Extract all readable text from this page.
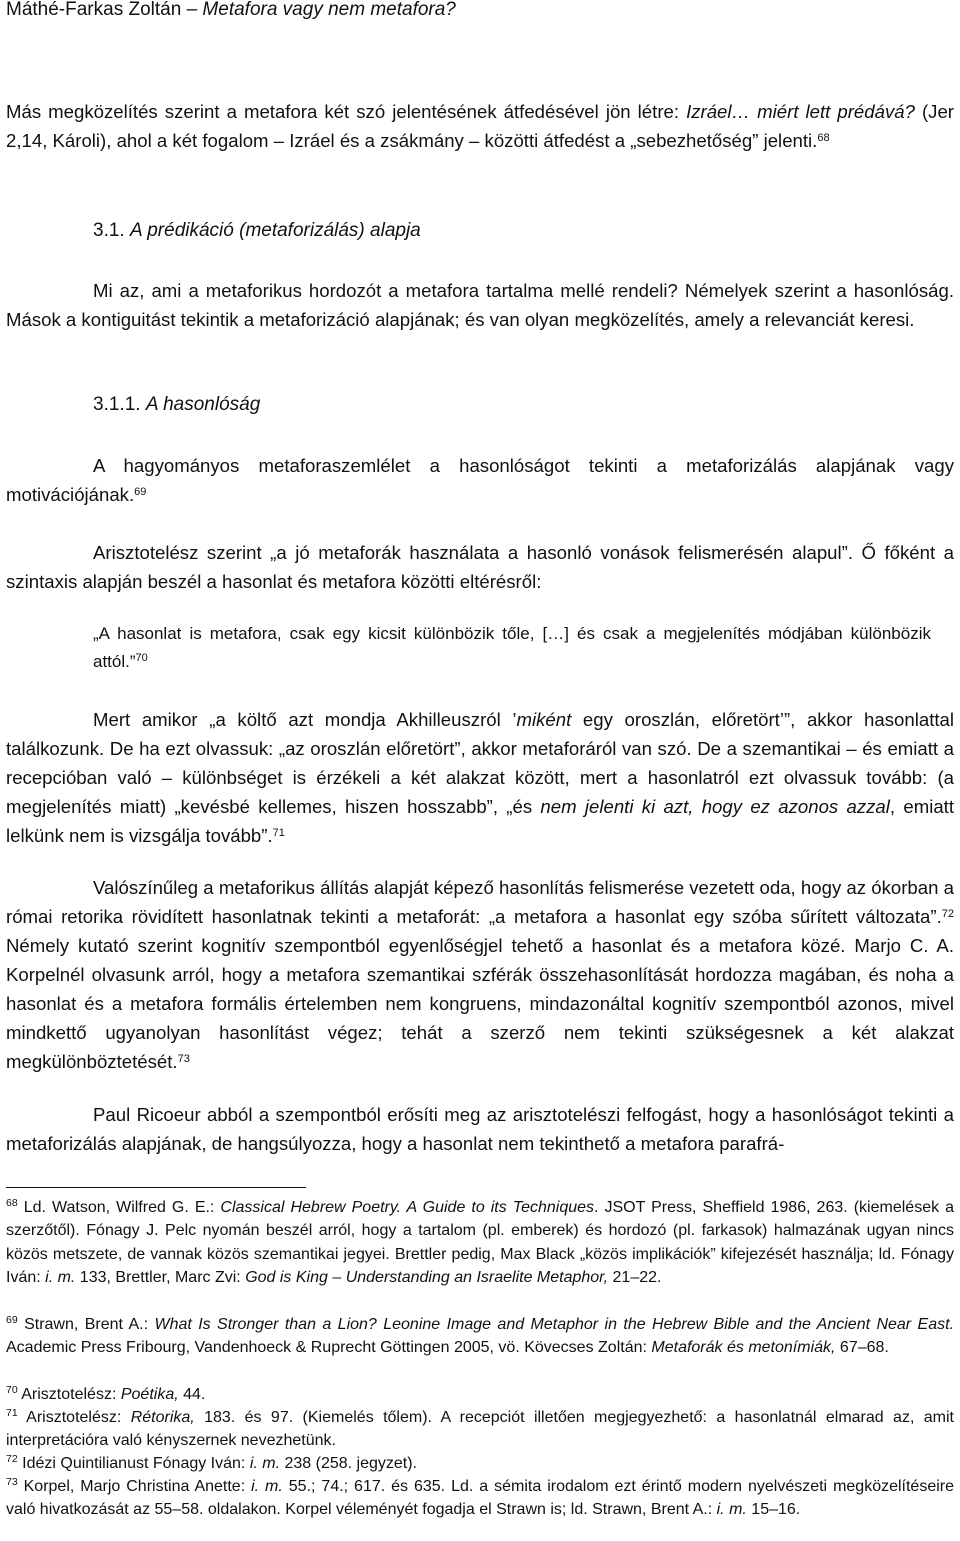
Máthé-Farkas Zoltán – Metafora vagy nem metafora?

Más megközelítés szerint a metafora két szó jelentésének átfedésével jön létre: Izráel… miért lett prédává? (Jer 2,14, Károli), ahol a két fogalom – Izráel és a zsákmány – közötti átfedést a „sebezhetőség” jelenti.$^{68}$

3.1. A prédikáció (metaforizálás) alapja

Mi az, ami a metaforikus hordozót a metafora tartalma mellé rendeli? Némelyek szerint a hasonlóság. Mások a kontiguitást tekintik a metaforizáció alapjának; és van olyan megközelítés, amely a relevanciát keresi.

3.1.1. A hasonlóság

A hagyományos metaforaszemlélet a hasonlóságot tekinti a metaforizálás alapjának vagy motivációjának.$^{69}$

Arisztotelész szerint „a jó metaforák használata a hasonló vonások felismerésén alapul”. Ő főként a szintaxis alapján beszél a hasonlat és metafora közötti eltérésről:

„A hasonlat is metafora, csak egy kicsit különbözik tőle, […] és csak a megjelenítés módjában különbözik attól.”$^{70}$

Mert amikor „a költő azt mondja Akhilleuszról ’miként egy oroszlán, előretört’”, akkor hasonlattal találkozunk. De ha ezt olvassuk: „az oroszlán előretört”, akkor metaforáról van szó. De a szemantikai – és emiatt a recepcióban való – különbséget is érzékeli a két alakzat között, mert a hasonlatról ezt olvassuk tovább: (a megjelenítés miatt) „kevésbé kellemes, hiszen hosszabb”, „és nem jelenti ki azt, hogy ez azonos azzal, emiatt lelkünk nem is vizsgálja tovább”.$^{71}$

Valószínűleg a metaforikus állítás alapját képező hasonlítás felismerése vezetett oda, hogy az ókorban a római retorika rövidített hasonlatnak tekinti a metaforát: „a metafora a hasonlat egy szóba sűrített változata”.$^{72}$ Némely kutató szerint kognitív szempontból egyenlőségjel tehető a hasonlat és a metafora közé. Marjo C. A. Korpelnél olvasunk arról, hogy a metafora szemantikai szférák összehasonlítását hordozza magában, és noha a hasonlat és a metafora formális értelemben nem kongruens, mindazonáltal kognitív szempontból azonos, mivel mindkettő ugyanolyan hasonlítást végez; tehát a szerző nem tekinti szükségesnek a két alakzat megkülönböztetését.$^{73}$

Paul Ricoeur abból a szempontból erősíti meg az arisztotelészi felfogást, hogy a hasonlóságot tekinti a metaforizálás alapjának, de hangsúlyozza, hogy a hasonlat nem tekinthető a metafora parafrá-

$^{68}$ Ld. Watson, Wilfred G. E.: Classical Hebrew Poetry. A Guide to its Techniques. JSOT Press, Sheffield 1986, 263. (kiemelések a szerzőtől). Fónagy J. Pelc nyomán beszél arról, hogy a tartalom (pl. emberek) és hordozó (pl. farkasok) halmazának ugyan nincs közös metszete, de vannak közös szemantikai jegyei. Brettler pedig, Max Black „közös implikációk” kifejezését használja; ld. Fónagy Iván: i. m. 133, Brettler, Marc Zvi: God is King – Understanding an Israelite Metaphor, 21–22.

$^{69}$ Strawn, Brent A.: What Is Stronger than a Lion? Leonine Image and Metaphor in the Hebrew Bible and the Ancient Near East. Academic Press Fribourg, Vandenhoeck & Ruprecht Göttingen 2005, vö. Kövecses Zoltán: Metaforák és metonímiák, 67–68.

$^{70}$ Arisztotelész: Poétika, 44.

$^{71}$ Arisztotelész: Rétorika, 183. és 97. (Kiemelés tőlem). A recepciót illetően megjegyezhető: a hasonlatnál elmarad az, amit interpretációra való kényszernek nevezhetünk.

$^{72}$ Idézi Quintilianust Fónagy Iván: i. m. 238 (258. jegyzet).

$^{73}$ Korpel, Marjo Christina Anette: i. m. 55.; 74.; 617. és 635. Ld. a sémita irodalom ezt érintő modern nyelvészeti megközelítéseire való hivatkozását az 55–58. oldalakon. Korpel véleményét fogadja el Strawn is; ld. Strawn, Brent A.: i. m. 15–16.
